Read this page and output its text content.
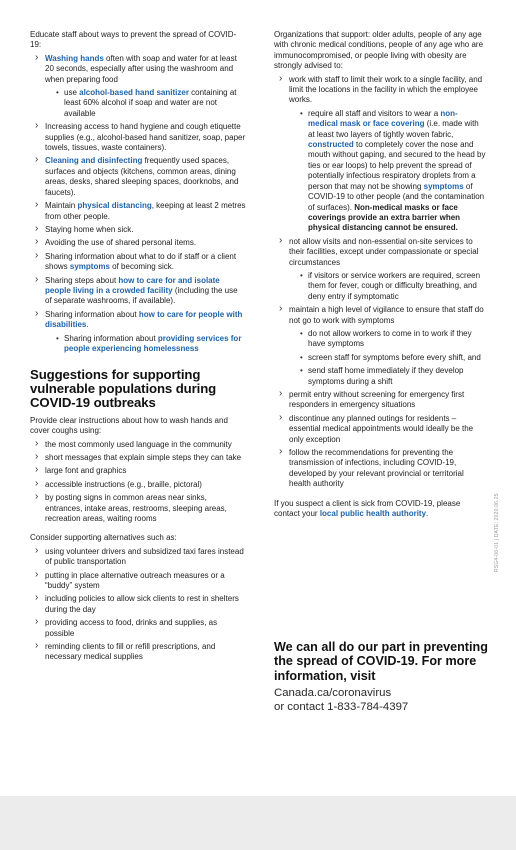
Educate staff about ways to prevent the spread of COVID-19:

› Washing hands often with soap and water for at least 20 seconds, especially after using the washroom and when preparing food
• use alcohol-based hand sanitizer containing at least 60% alcohol if soap and water are not available
› Increasing access to hand hygiene and cough etiquette supplies (e.g., alcohol-based hand sanitizer, soap, paper towels, tissues, waste containers).
› Cleaning and disinfecting frequently used spaces, surfaces and objects (kitchens, common areas, dining areas, desks, shared sleeping spaces, doorknobs, and faucets).
› Maintain physical distancing, keeping at least 2 metres from other people.
› Staying home when sick.
› Avoiding the use of shared personal items.
› Sharing information about what to do if staff or a client shows symptoms of becoming sick.
› Sharing steps about how to care for and isolate people living in a crowded facility (including the use of separate washrooms, if available).
› Sharing information about how to care for people with disabilities.
• Sharing information about providing services for people experiencing homelessness
Suggestions for supporting vulnerable populations during COVID-19 outbreaks

Provide clear instructions about how to wash hands and cover coughs using:

› the most commonly used language in the community
› short messages that explain simple steps they can take
› large font and graphics
› accessible instructions (e.g., braille, pictoral)
› by posting signs in common areas near sinks, entrances, intake areas, restrooms, sleeping areas, recreation areas, waiting rooms

Consider supporting alternatives such as:

› using volunteer drivers and subsidized taxi fares instead of public transportation
› putting in place alternative outreach measures or a “buddy” system
› including policies to allow sick clients to rest in shelters during the day
› providing access to food, drinks and supplies, as possible
› reminding clients to fill or refill prescriptions, and necessary medical supplies

Organizations that support: older adults, people of any age with chronic medical conditions, people of any age who are immunocompromised, or people living with obesity are strongly advised to:

› work with staff to limit their work to a single facility, and limit the locations in the facility in which the employee works.
• require all staff and visitors to wear a non-medical mask or face covering (i.e. made with at least two layers of tightly woven fabric, constructed to completely cover the nose and mouth without gaping, and secured to the head by ties or ear loops) to help prevent the spread of potentially infectious respiratory droplets from a person that may not be showing symptoms of COVID-19 to other people (and the contamination of surfaces). Non-medical masks or face coverings provide an extra barrier when physical distancing cannot be ensured.
› not allow visits and non-essential on-site services to their facilities, except under compassionate or special circumstances
• if visitors or service workers are required, screen them for fever, cough or difficulty breathing, and deny entry if symptomatic
› maintain a high level of vigilance to ensure that staff do not go to work with symptoms
• do not allow workers to come in to work if they have symptoms
• screen staff for symptoms before every shift, and
• send staff home immediately if they develop symptoms during a shift
› permit entry without screening for emergency first responders in emergency situations
› discontinue any planned outings for residents – essential medical appointments would ideally be the only exception
› follow the recommendations for preventing the transmission of infections, including COVID-19, developed by your relevant provincial or territorial health authority

If you suspect a client is sick from COVID-19, please contact your local public health authority.

We can all do our part in preventing the spread of COVID-19. For more information, visit
Canada.ca/coronavirus
or contact 1-833-784-4397
RSG4-06-01 | DATE: 2020.06.25
